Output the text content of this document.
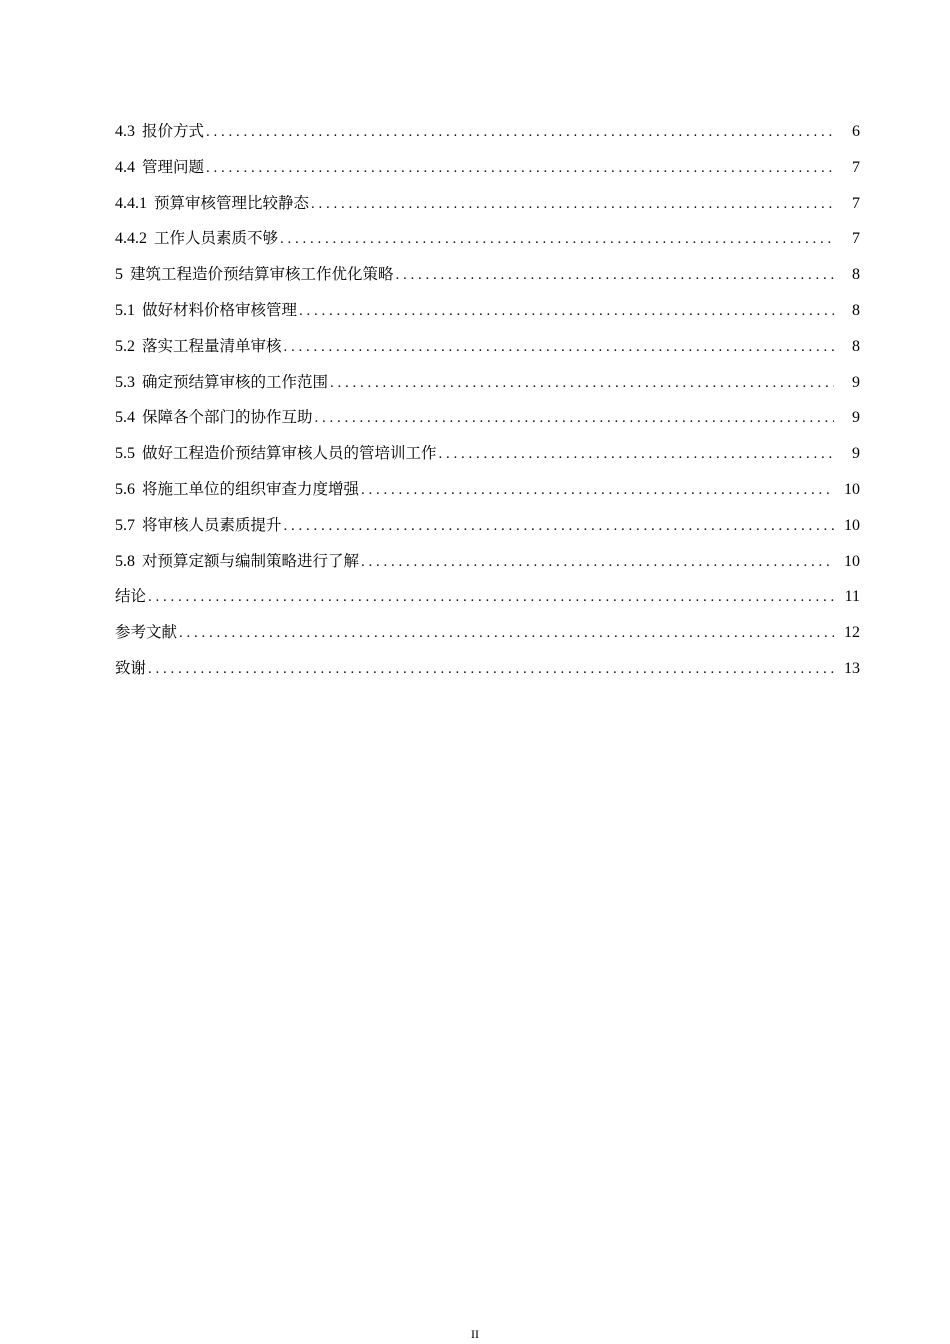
4.3 报价方式 . . .	6
4.4 管理问题 . . .	7
4.4.1 预算审核管理比较静态 . . .	7
4.4.2 工作人员素质不够 . . .	7
5 建筑工程造价预结算审核工作优化策略 . . .	8
5.1 做好材料价格审核管理 . . .	8
5.2 落实工程量清单审核 . . .	8
5.3 确定预结算审核的工作范围 . . .	9
5.4 保障各个部门的协作互助 . . .	9
5.5 做好工程造价预结算审核人员的管培训工作 . . .	9
5.6 将施工单位的组织审查力度增强 . . .	10
5.7 将审核人员素质提升 . . .	10
5.8 对预算定额与编制策略进行了解 . . .	10
结论 . . .	11
参考文献 . . .	12
致谢 . . .	13
II
